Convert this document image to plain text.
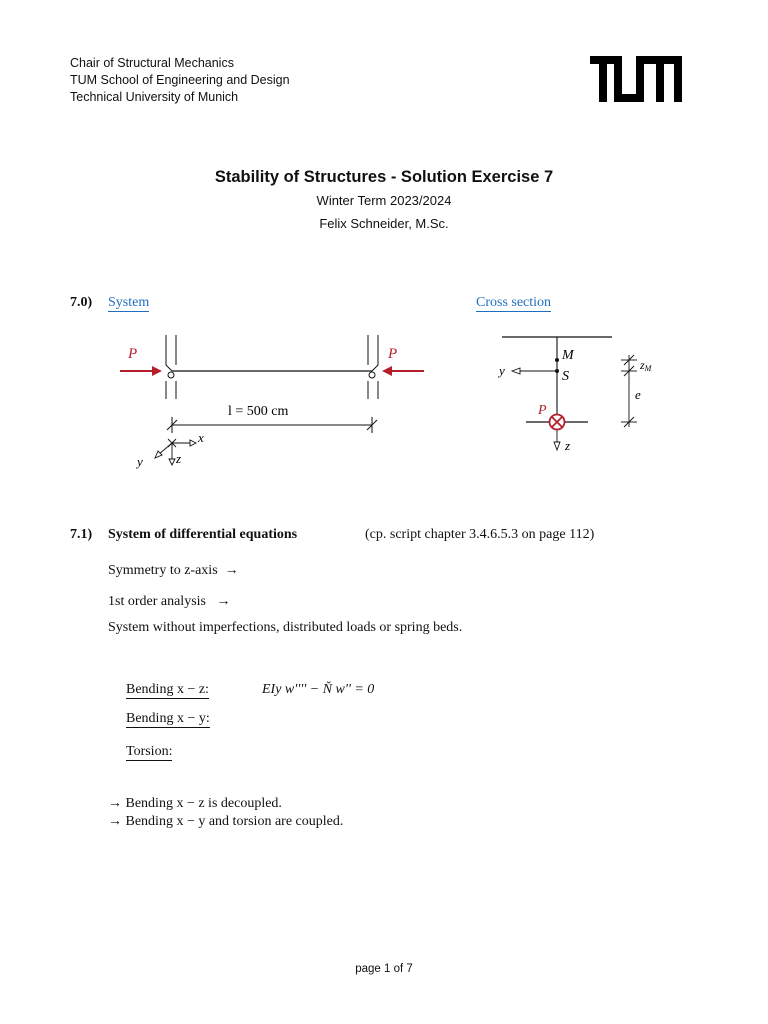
Chair of Structural Mechanics
TUM School of Engineering and Design
Technical University of Munich
Stability of Structures - Solution Exercise 7
Winter Term 2023/2024
Felix Schneider, M.Sc.
7.0) System	Cross section
P	P
l = 500 cm
x
z
y
M
S
y
P
z
zM
e
7.1) System of differential equations	(cp. script chapter 3.4.6.5.3 on page 112)
Symmetry to z-axis  →
1st order analysis   →
System without imperfections, distributed loads or spring beds.
Bending x − z:	EIy w'''' − Ň w'' = 0
Bending x − y:
Torsion:
→ Bending x − z is decoupled.
→ Bending x − y and torsion are coupled.
page 1 of 7
